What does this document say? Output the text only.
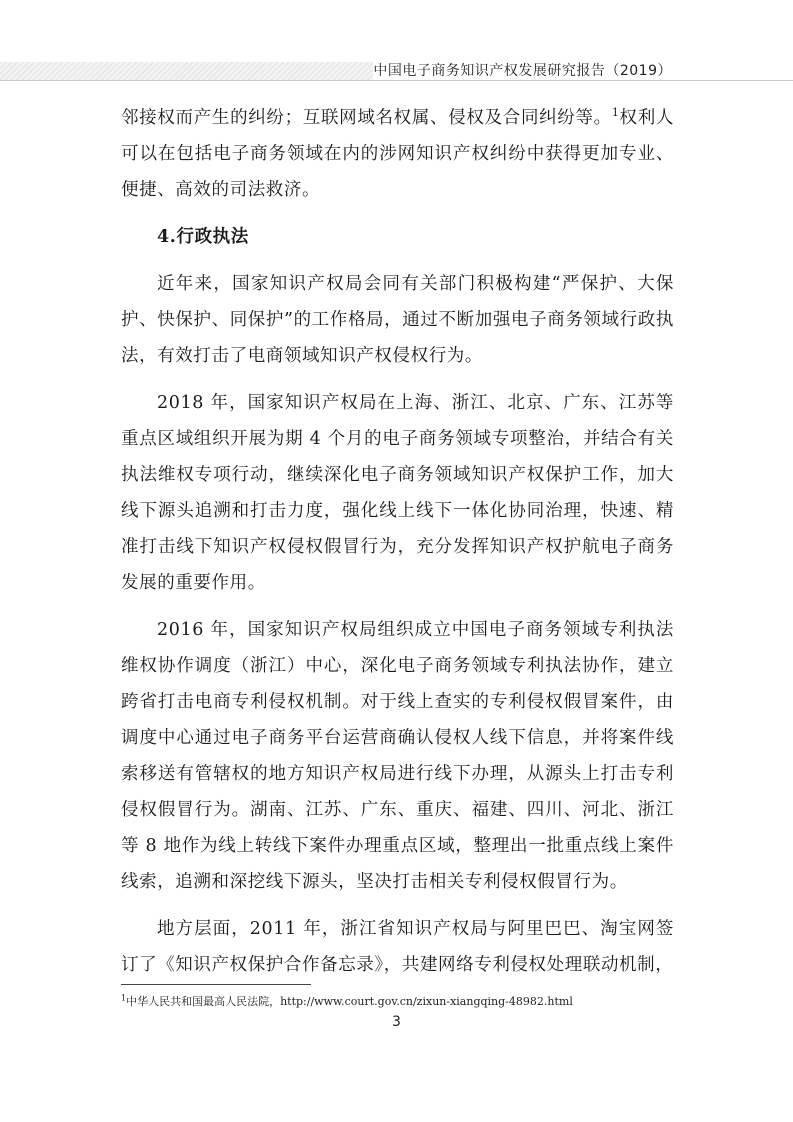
中国电子商务知识产权发展研究报告（2019）

邻接权而产生的纠纷；互联网域名权属、侵权及合同纠纷等。$^1$权利人可以在包括电子商务领域在内的涉网知识产权纠纷中获得更加专业、便捷、高效的司法救济。

4.行政执法

近年来，国家知识产权局会同有关部门积极构建“严保护、大保护、快保护、同保护”的工作格局，通过不断加强电子商务领域行政执法，有效打击了电商领域知识产权侵权行为。

2018 年，国家知识产权局在上海、浙江、北京、广东、江苏等重点区域组织开展为期 4 个月的电子商务领域专项整治，并结合有关执法维权专项行动，继续深化电子商务领域知识产权保护工作，加大线下源头追溯和打击力度，强化线上线下一体化协同治理，快速、精准打击线下知识产权侵权假冒行为，充分发挥知识产权护航电子商务发展的重要作用。

2016 年，国家知识产权局组织成立中国电子商务领域专利执法维权协作调度（浙江）中心，深化电子商务领域专利执法协作，建立跨省打击电商专利侵权机制。对于线上查实的专利侵权假冒案件，由调度中心通过电子商务平台运营商确认侵权人线下信息，并将案件线索移送有管辖权的地方知识产权局进行线下办理，从源头上打击专利侵权假冒行为。湖南、江苏、广东、重庆、福建、四川、河北、浙江等 8 地作为线上转线下案件办理重点区域，整理出一批重点线上案件线索，追溯和深挖线下源头，坚决打击相关专利侵权假冒行为。

地方层面，2011 年，浙江省知识产权局与阿里巴巴、淘宝网签订了《知识产权保护合作备忘录》，共建网络专利侵权处理联动机制，

$^1$中华人民共和国最高人民法院，http://www.court.gov.cn/zixun-xiangqing-48982.html
3
